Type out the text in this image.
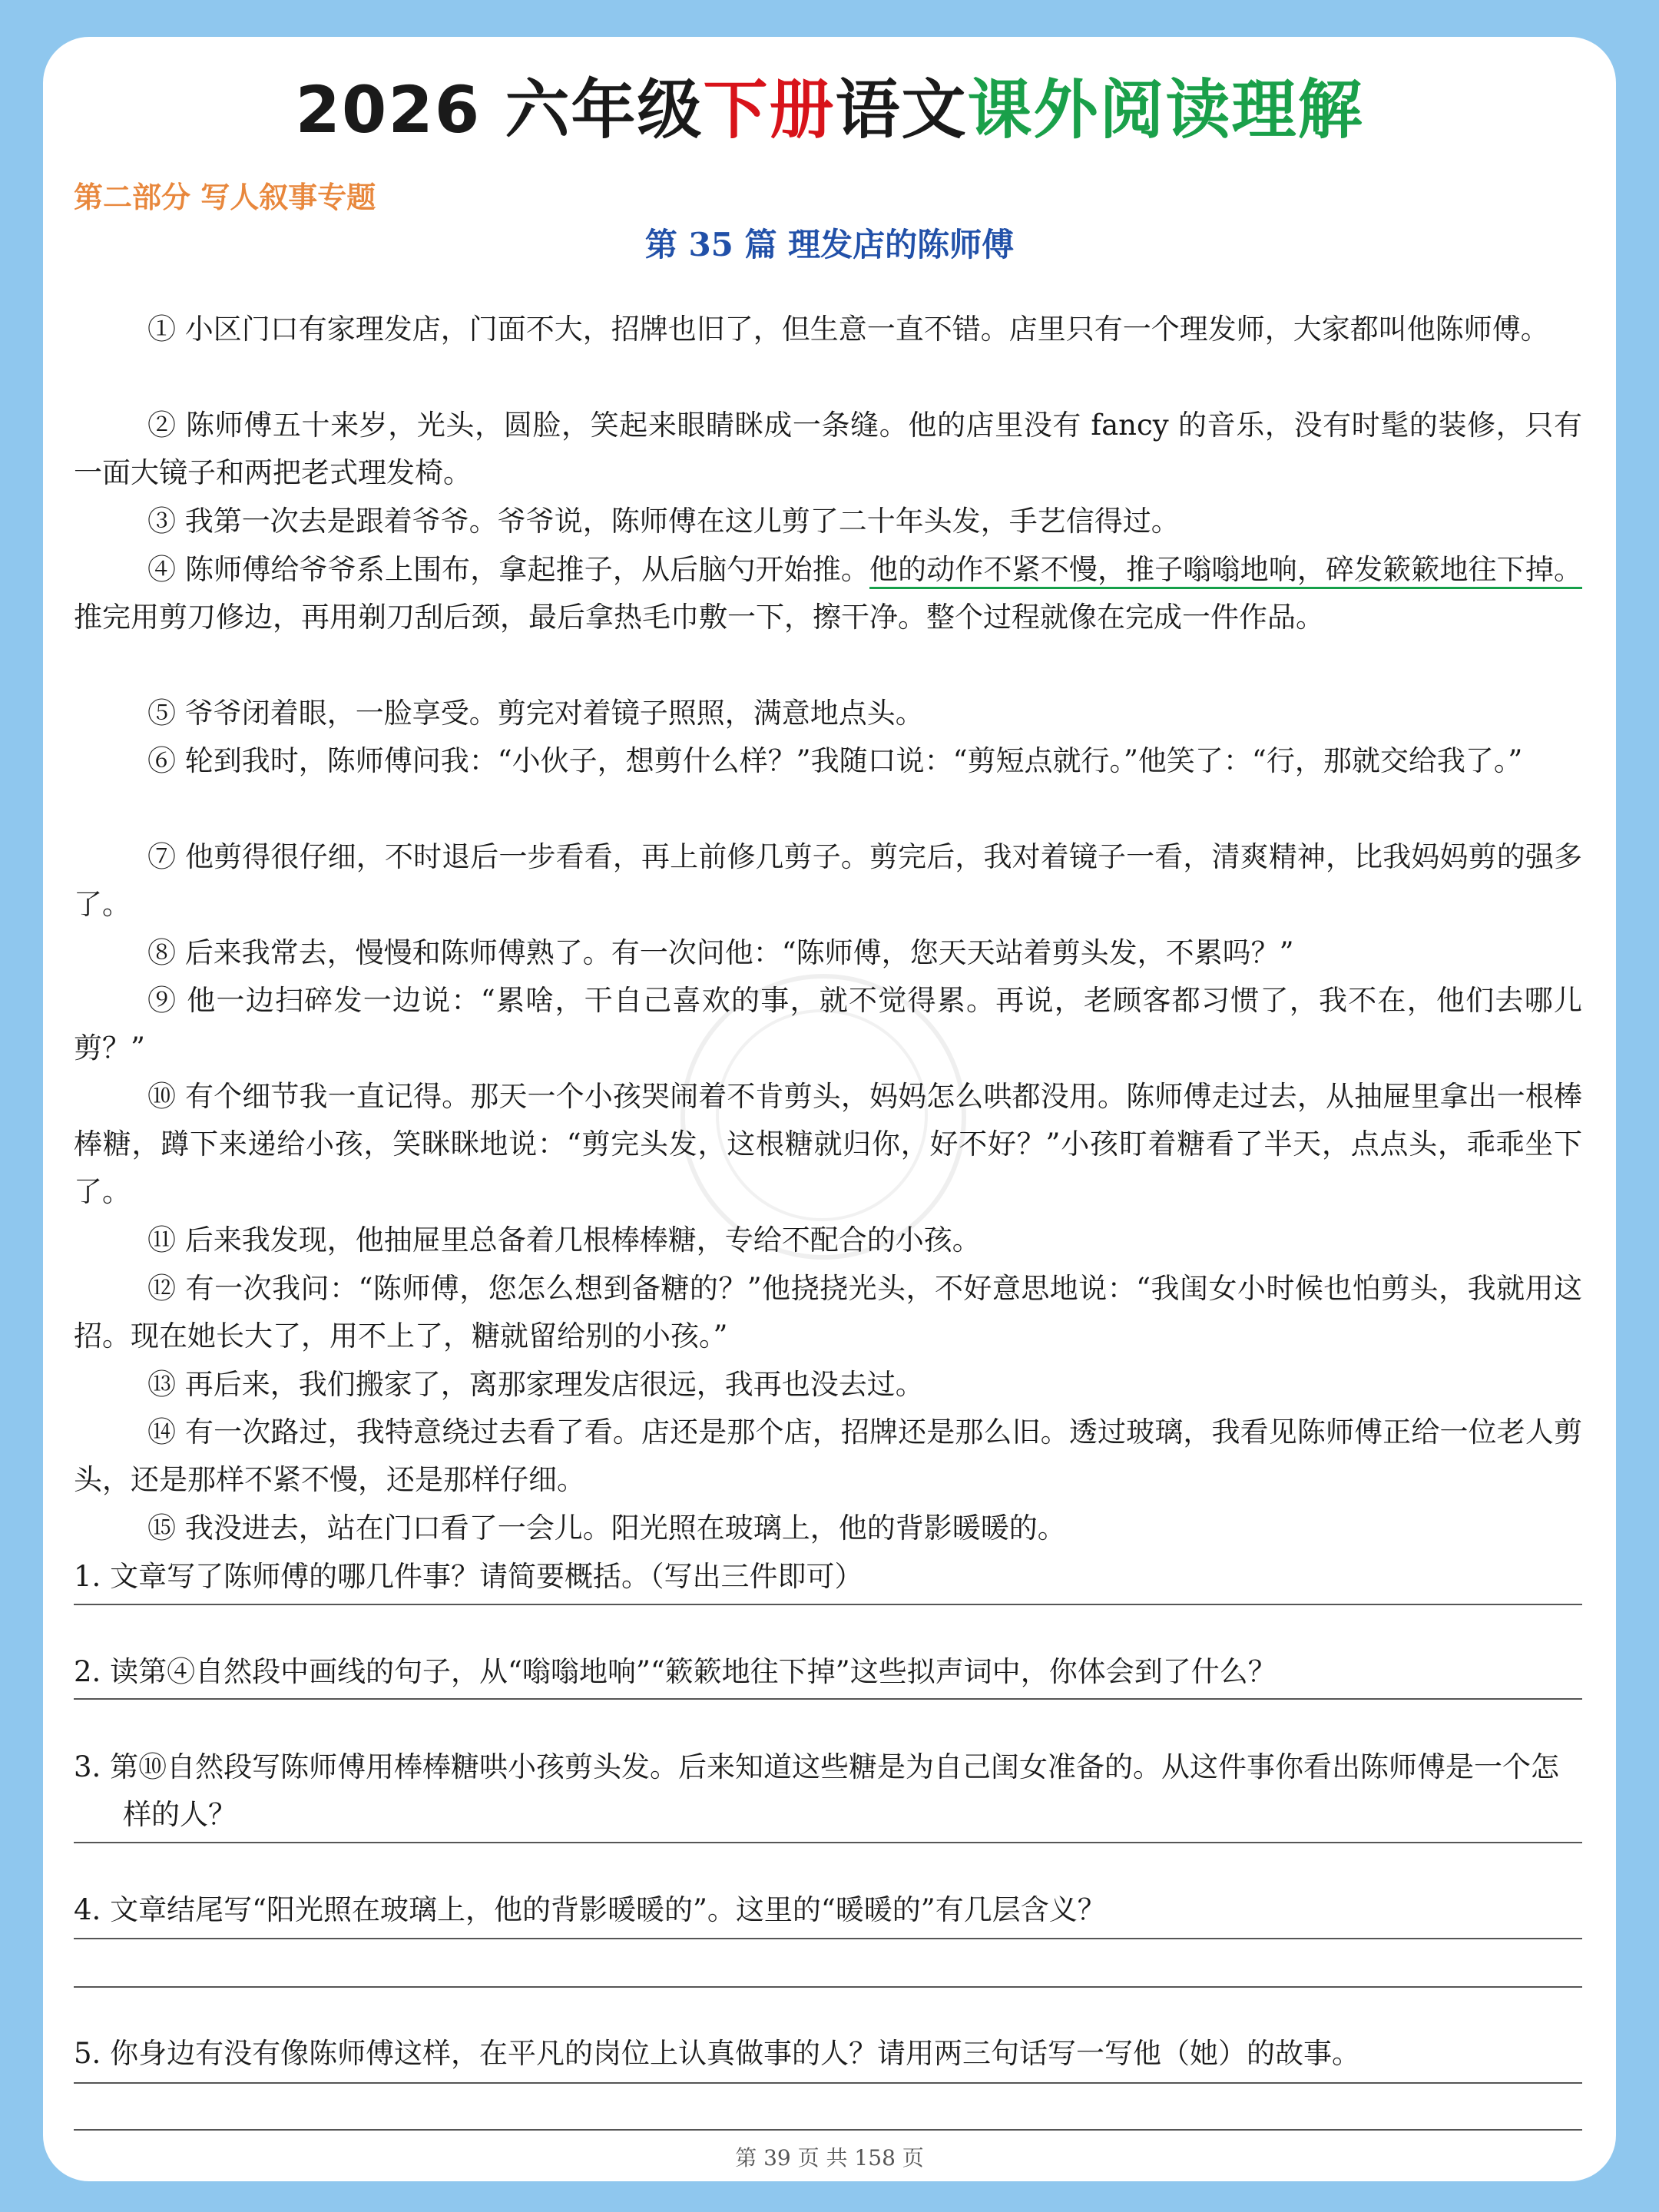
2026 六年级下册语文课外阅读理解
第二部分 写人叙事专题
第 35 篇 理发店的陈师傅

① 小区门口有家理发店，门面不大，招牌也旧了，但生意一直不错。店里只有一个理发师，大家都叫他陈师傅。

② 陈师傅五十来岁，光头，圆脸，笑起来眼睛眯成一条缝。他的店里没有 fancy 的音乐，没有时髦的装修，只有一面大镜子和两把老式理发椅。

③ 我第一次去是跟着爷爷。爷爷说，陈师傅在这儿剪了二十年头发，手艺信得过。

④ 陈师傅给爷爷系上围布，拿起推子，从后脑勺开始推。他的动作不紧不慢，推子嗡嗡地响，碎发簌簌地往下掉。推完用剪刀修边，再用剃刀刮后颈，最后拿热毛巾敷一下，擦干净。整个过程就像在完成一件作品。

⑤ 爷爷闭着眼，一脸享受。剪完对着镜子照照，满意地点头。

⑥ 轮到我时，陈师傅问我：“小伙子，想剪什么样？”我随口说：“剪短点就行。”他笑了：“行，那就交给我了。”

⑦ 他剪得很仔细，不时退后一步看看，再上前修几剪子。剪完后，我对着镜子一看，清爽精神，比我妈妈剪的强多了。

⑧ 后来我常去，慢慢和陈师傅熟了。有一次问他：“陈师傅，您天天站着剪头发，不累吗？”

⑨ 他一边扫碎发一边说：“累啥，干自己喜欢的事，就不觉得累。再说，老顾客都习惯了，我不在，他们去哪儿剪？”

⑩ 有个细节我一直记得。那天一个小孩哭闹着不肯剪头，妈妈怎么哄都没用。陈师傅走过去，从抽屉里拿出一根棒棒糖，蹲下来递给小孩，笑眯眯地说：“剪完头发，这根糖就归你，好不好？”小孩盯着糖看了半天，点点头，乖乖坐下了。

⑪ 后来我发现，他抽屉里总备着几根棒棒糖，专给不配合的小孩。

⑫ 有一次我问：“陈师傅，您怎么想到备糖的？”他挠挠光头，不好意思地说：“我闺女小时候也怕剪头，我就用这招。现在她长大了，用不上了，糖就留给别的小孩。”

⑬ 再后来，我们搬家了，离那家理发店很远，我再也没去过。

⑭ 有一次路过，我特意绕过去看了看。店还是那个店，招牌还是那么旧。透过玻璃，我看见陈师傅正给一位老人剪头，还是那样不紧不慢，还是那样仔细。

⑮ 我没进去，站在门口看了一会儿。阳光照在玻璃上，他的背影暖暖的。

1. 文章写了陈师傅的哪几件事？请简要概括。（写出三件即可）
2. 读第④自然段中画线的句子，从“嗡嗡地响”“簌簌地往下掉”这些拟声词中，你体会到了什么？
3. 第⑩自然段写陈师傅用棒棒糖哄小孩剪头发。后来知道这些糖是为自己闺女准备的。从这件事你看出陈师傅是一个怎样的人？
4. 文章结尾写“阳光照在玻璃上，他的背影暖暖的”。这里的“暖暖的”有几层含义？
5. 你身边有没有像陈师傅这样，在平凡的岗位上认真做事的人？请用两三句话写一写他（她）的故事。
第 39 页 共 158 页
